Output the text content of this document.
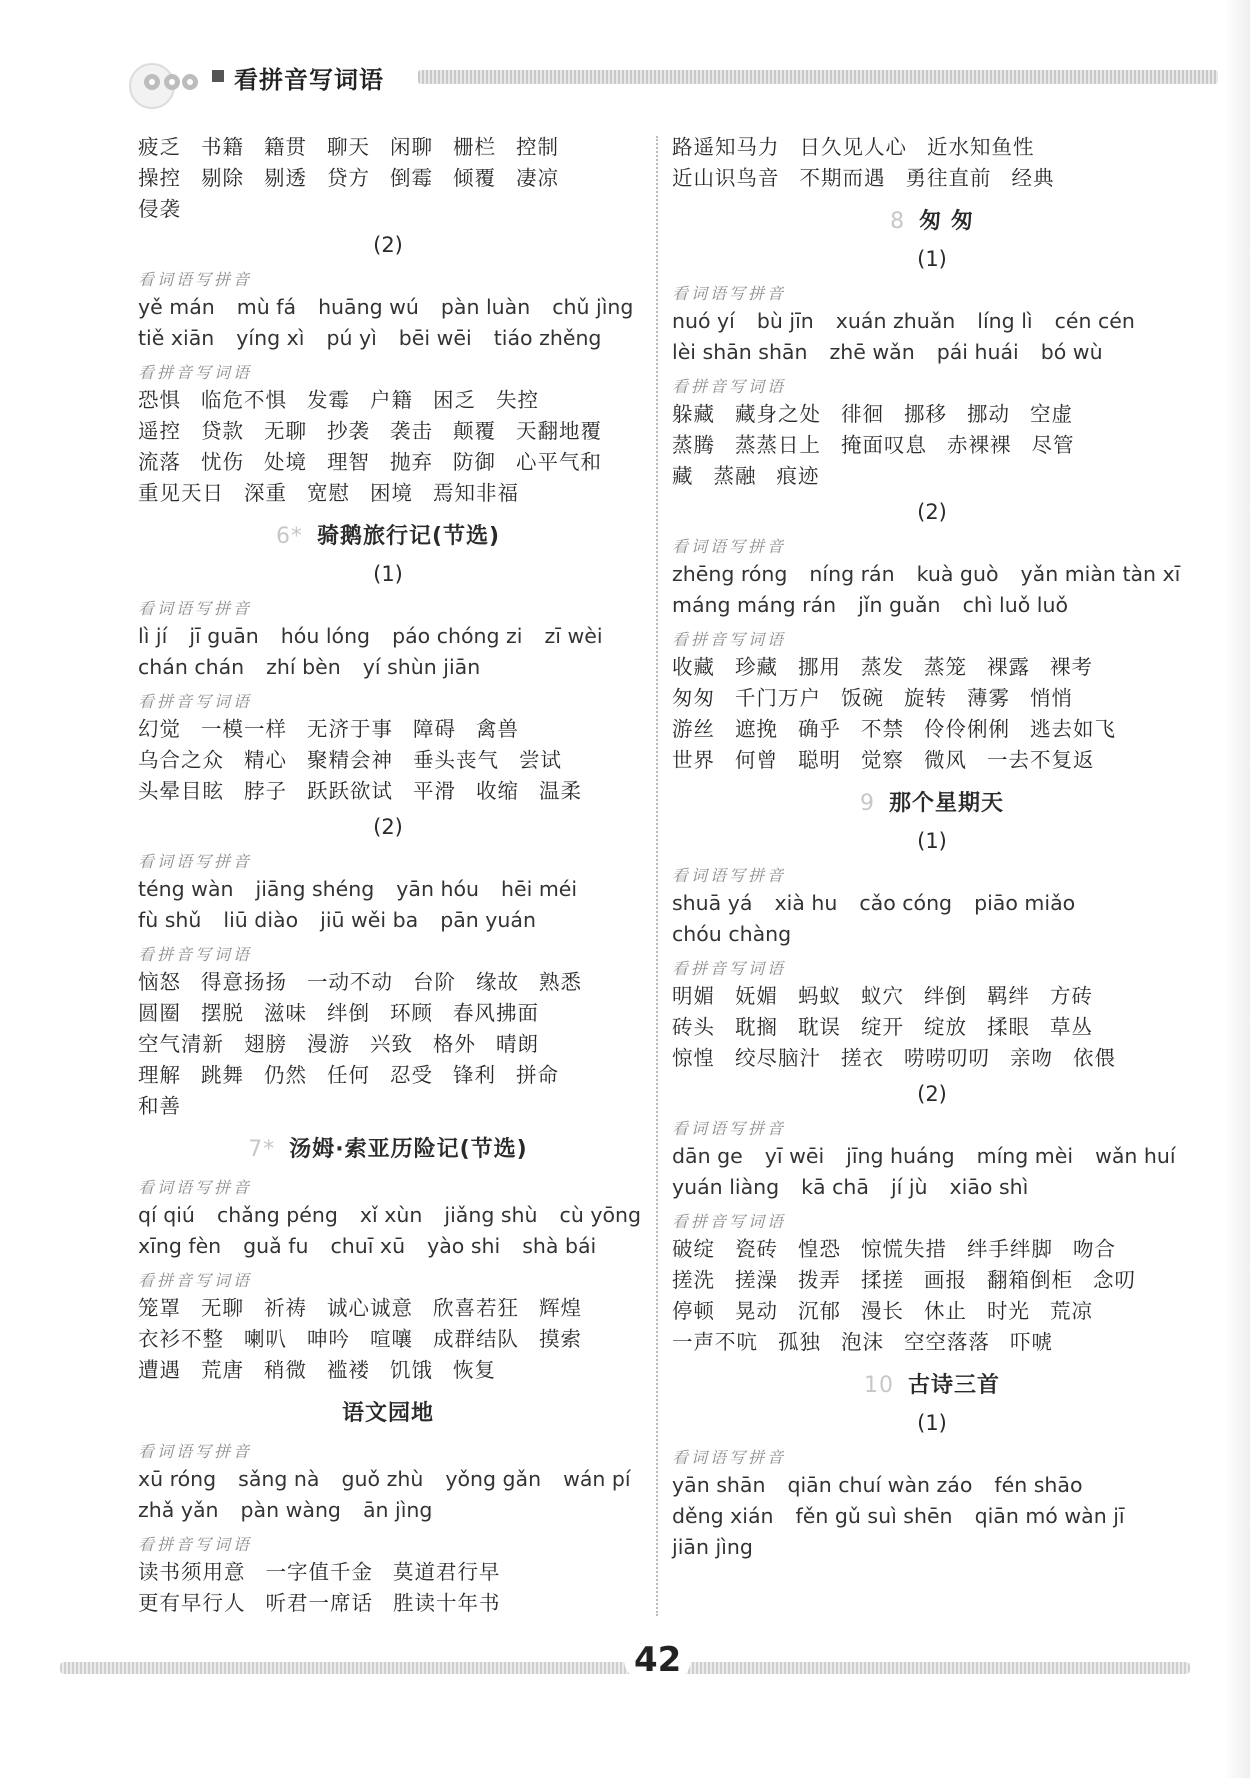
看拼音写词语
疲乏 书籍 籍贯 聊天 闲聊 栅栏 控制
操控 剔除 剔透 贷方 倒霉 倾覆 凄凉
侵袭
(2)
看词语写拼音
yě mán mù fá huāng wú pàn luàn chǔ jìng
tiě xiān yíng xì pú yì bēi wēi tiáo zhěng
看拼音写词语
恐惧 临危不惧 发霉 户籍 困乏 失控
遥控 贷款 无聊 抄袭 袭击 颠覆 天翻地覆
流落 忧伤 处境 理智 抛弃 防御 心平气和
重见天日 深重 宽慰 困境 焉知非福
6* 骑鹅旅行记(节选)
(1)
看词语写拼音
lì jí jī guān hóu lóng páo chóng zi zī wèi
chán chán zhí bèn yí shùn jiān
看拼音写词语
幻觉 一模一样 无济于事 障碍 禽兽
乌合之众 精心 聚精会神 垂头丧气 尝试
头晕目眩 脖子 跃跃欲试 平滑 收缩 温柔
(2)
看词语写拼音
téng wàn jiāng shéng yān hóu hēi méi
fù shǔ liū diào jiū wěi ba pān yuán
看拼音写词语
恼怒 得意扬扬 一动不动 台阶 缘故 熟悉
圆圈 摆脱 滋味 绊倒 环顾 春风拂面
空气清新 翅膀 漫游 兴致 格外 晴朗
理解 跳舞 仍然 任何 忍受 锋利 拼命
和善
7* 汤姆·索亚历险记(节选)
看词语写拼音
qí qiú chǎng péng xǐ xùn jiǎng shù cù yōng
xīng fèn guǎ fu chuī xū yào shi shà bái
看拼音写词语
笼罩 无聊 祈祷 诚心诚意 欣喜若狂 辉煌
衣衫不整 喇叭 呻吟 喧嚷 成群结队 摸索
遭遇 荒唐 稍微 褴褛 饥饿 恢复
语文园地
看词语写拼音
xū róng sǎng nà guǒ zhù yǒng gǎn wán pí
zhǎ yǎn pàn wàng ān jìng
看拼音写词语
读书须用意 一字值千金 莫道君行早
更有早行人 听君一席话 胜读十年书
路遥知马力 日久见人心 近水知鱼性
近山识鸟音 不期而遇 勇往直前 经典
8 匆 匆
(1)
看词语写拼音
nuó yí bù jīn xuán zhuǎn líng lì cén cén
lèi shān shān zhē wǎn pái huái bó wù
看拼音写词语
躲藏 藏身之处 徘徊 挪移 挪动 空虚
蒸腾 蒸蒸日上 掩面叹息 赤裸裸 尽管
藏 蒸融 痕迹
(2)
看词语写拼音
zhēng róng níng rán kuà guò yǎn miàn tàn xī
máng máng rán jǐn guǎn chì luǒ luǒ
看拼音写词语
收藏 珍藏 挪用 蒸发 蒸笼 裸露 裸考
匆匆 千门万户 饭碗 旋转 薄雾 悄悄
游丝 遮挽 确乎 不禁 伶伶俐俐 逃去如飞
世界 何曾 聪明 觉察 微风 一去不复返
9 那个星期天
(1)
看词语写拼音
shuā yá xià hu cǎo cóng piāo miǎo
chóu chàng
看拼音写词语
明媚 妩媚 蚂蚁 蚁穴 绊倒 羁绊 方砖
砖头 耽搁 耽误 绽开 绽放 揉眼 草丛
惊惶 绞尽脑汁 搓衣 唠唠叨叨 亲吻 依偎
(2)
看词语写拼音
dān ge yī wēi jīng huáng míng mèi wǎn huí
yuán liàng kā chā jí jù xiāo shì
看拼音写词语
破绽 瓷砖 惶恐 惊慌失措 绊手绊脚 吻合
搓洗 搓澡 拨弄 揉搓 画报 翻箱倒柜 念叨
停顿 晃动 沉郁 漫长 休止 时光 荒凉
一声不吭 孤独 泡沫 空空落落 吓唬
10 古诗三首
(1)
看词语写拼音
yān shān qiān chuí wàn záo fén shāo
děng xián fěn gǔ suì shēn qiān mó wàn jī
jiān jìng
42
